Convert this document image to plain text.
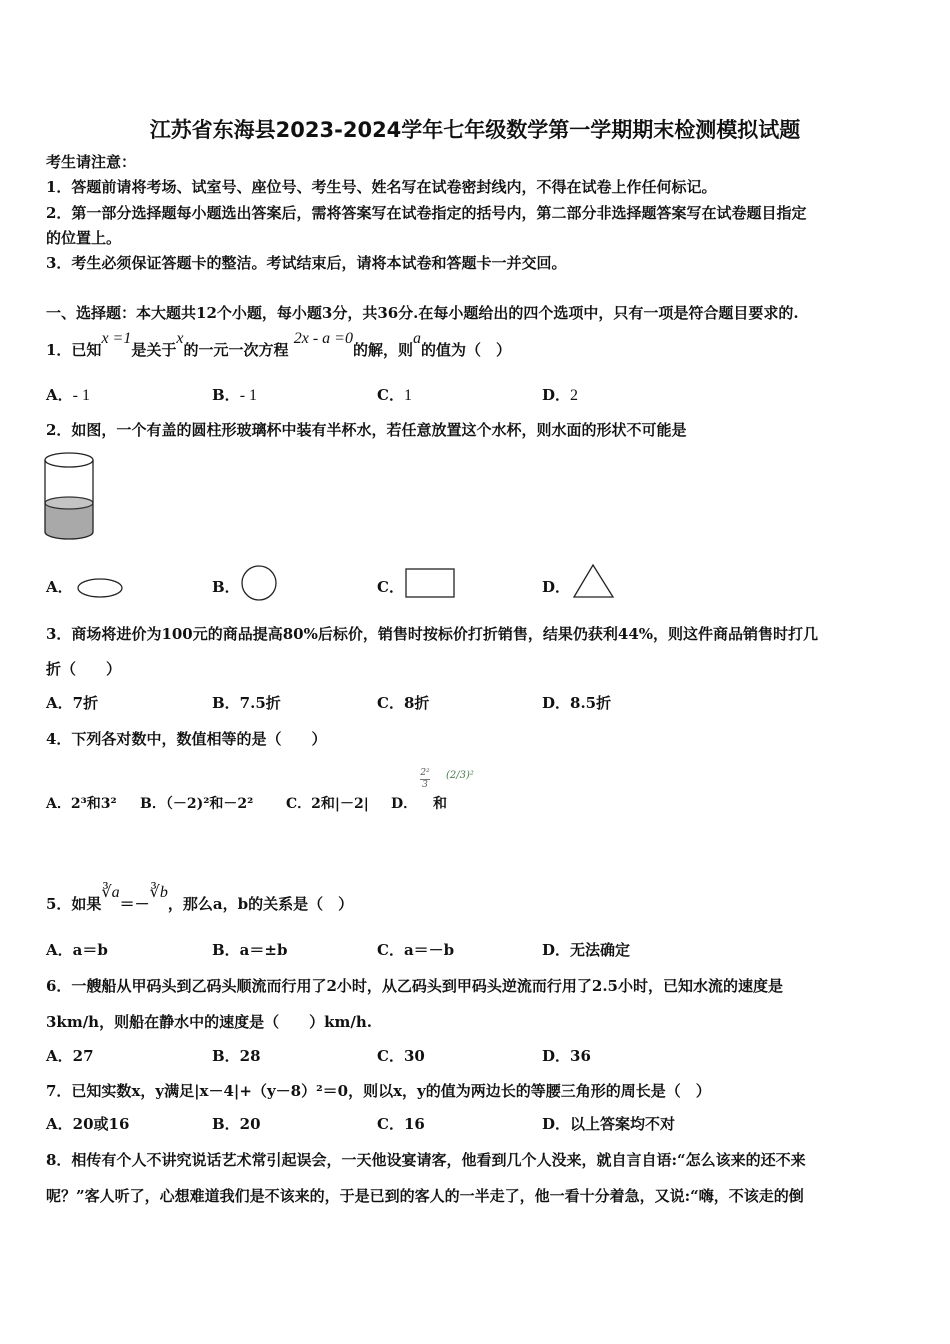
江苏省东海县2023-2024学年七年级数学第一学期期末检测模拟试题
考生请注意：
1．答题前请将考场、试室号、座位号、考生号、姓名写在试卷密封线内，不得在试卷上作任何标记。
2．第一部分选择题每小题选出答案后，需将答案写在试卷指定的括号内，第二部分非选择题答案写在试卷题目指定
的位置上。
3．考生必须保证答题卡的整洁。考试结束后，请将本试卷和答题卡一并交回。
一、选择题：本大题共12个小题，每小题3分，共36分.在每小题给出的四个选项中，只有一项是符合题目要求的.
1．已知x =1是关于x的一元一次方程 2x - a =0的解，则a的值为（　）
A．- 1	B．- 1	C．1	D．2
2．如图，一个有盖的圆柱形玻璃杯中装有半杯水，若任意放置这个水杯，则水面的形状不可能是
A．	B．	C．	D．
3．商场将进价为100元的商品提高80%后标价，销售时按标价打折销售，结果仍获利44%，则这件商品销售时打几
折（　　）
A．7折	B．7.5折	C．8折	D．8.5折
4．下列各对数中，数值相等的是（　　）
A．2³和3² B．（－2)²和－2² C．2和|－2| D．
2²
3
和
(2/3)²
5．如果∛a＝－∛b，那么a，b的关系是（　）
A．a＝b	B．a＝±b	C．a＝－b	D．无法确定
6．一艘船从甲码头到乙码头顺流而行用了2小时，从乙码头到甲码头逆流而行用了2.5小时，已知水流的速度是
3km/h，则船在静水中的速度是（　　）km/h.
A．27	B．28	C．30	D．36
7．已知实数x，y满足|x－4|+（y－8）²＝0，则以x，y的值为两边长的等腰三角形的周长是（　）
A．20或16	B．20	C．16	D．以上答案均不对
8．相传有个人不讲究说话艺术常引起误会，一天他设宴请客，他看到几个人没来，就自言自语:“怎么该来的还不来
呢？”客人听了，心想难道我们是不该来的，于是已到的客人的一半走了，他一看十分着急，又说:“嗨，不该走的倒
